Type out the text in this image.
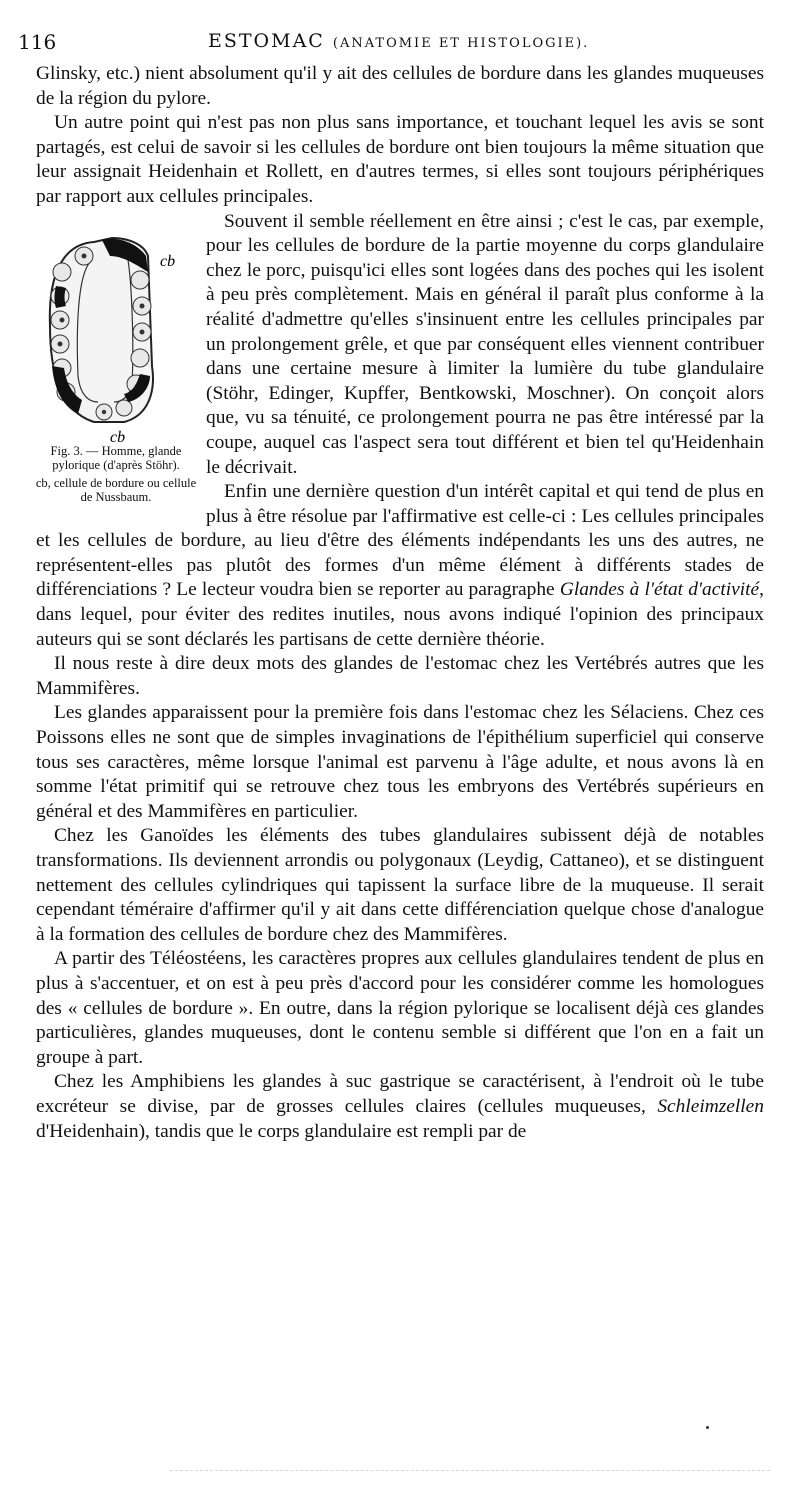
116	ESTOMAC (ANATOMIE ET HISTOLOGIE).

Glinsky, etc.) nient absolument qu'il y ait des cellules de bordure dans les glandes muqueuses de la région du pylore.

Un autre point qui n'est pas non plus sans importance, et touchant lequel les avis se sont partagés, est celui de savoir si les cellules de bordure ont bien toujours la même situation que leur assignait Heidenhain et Rollett, en d'autres termes, si elles sont toujours périphériques par rapport aux cellules principales.

cb
cb
Fig. 3. — Homme, glande pylorique (d'après Stöhr).
cb, cellule de bordure ou cellule de Nussbaum.

Souvent il semble réellement en être ainsi ; c'est le cas, par exemple, pour les cellules de bordure de la partie moyenne du corps glandulaire chez le porc, puisqu'ici elles sont logées dans des poches qui les isolent à peu près complètement. Mais en général il paraît plus conforme à la réalité d'admettre qu'elles s'insinuent entre les cellules principales par un prolongement grêle, et que par conséquent elles viennent contribuer dans une certaine mesure à limiter la lumière du tube glandulaire (Stöhr, Edinger, Kupffer, Bentkowski, Moschner). On conçoit alors que, vu sa ténuité, ce prolongement pourra ne pas être intéressé par la coupe, auquel cas l'aspect sera tout différent et bien tel qu'Heidenhain le décrivait.

Enfin une dernière question d'un intérêt capital et qui tend de plus en plus à être résolue par l'affirmative est celle-ci : Les cellules principales et les cellules de bordure, au lieu d'être des éléments indépendants les uns des autres, ne représentent-elles pas plutôt des formes d'un même élément à différents stades de différenciations ? Le lecteur voudra bien se reporter au paragraphe Glandes à l'état d'activité, dans lequel, pour éviter des redites inutiles, nous avons indiqué l'opinion des principaux auteurs qui se sont déclarés les partisans de cette dernière théorie.

Il nous reste à dire deux mots des glandes de l'estomac chez les Vertébrés autres que les Mammifères.

Les glandes apparaissent pour la première fois dans l'estomac chez les Sélaciens. Chez ces Poissons elles ne sont que de simples invaginations de l'épithélium superficiel qui conserve tous ses caractères, même lorsque l'animal est parvenu à l'âge adulte, et nous avons là en somme l'état primitif qui se retrouve chez tous les embryons des Vertébrés supérieurs en général et des Mammifères en particulier.

Chez les Ganoïdes les éléments des tubes glandulaires subissent déjà de notables transformations. Ils deviennent arrondis ou polygonaux (Leydig, Cattaneo), et se distinguent nettement des cellules cylindriques qui tapissent la surface libre de la muqueuse. Il serait cependant téméraire d'affirmer qu'il y ait dans cette différenciation quelque chose d'analogue à la formation des cellules de bordure chez des Mammifères.

A partir des Téléostéens, les caractères propres aux cellules glandulaires tendent de plus en plus à s'accentuer, et on est à peu près d'accord pour les considérer comme les homologues des « cellules de bordure ». En outre, dans la région pylorique se localisent déjà ces glandes particulières, glandes muqueuses, dont le contenu semble si différent que l'on en a fait un groupe à part.

Chez les Amphibiens les glandes à suc gastrique se caractérisent, à l'endroit où le tube excréteur se divise, par de grosses cellules claires (cellules muqueuses, Schleimzellen d'Heidenhain), tandis que le corps glandulaire est rempli par de
